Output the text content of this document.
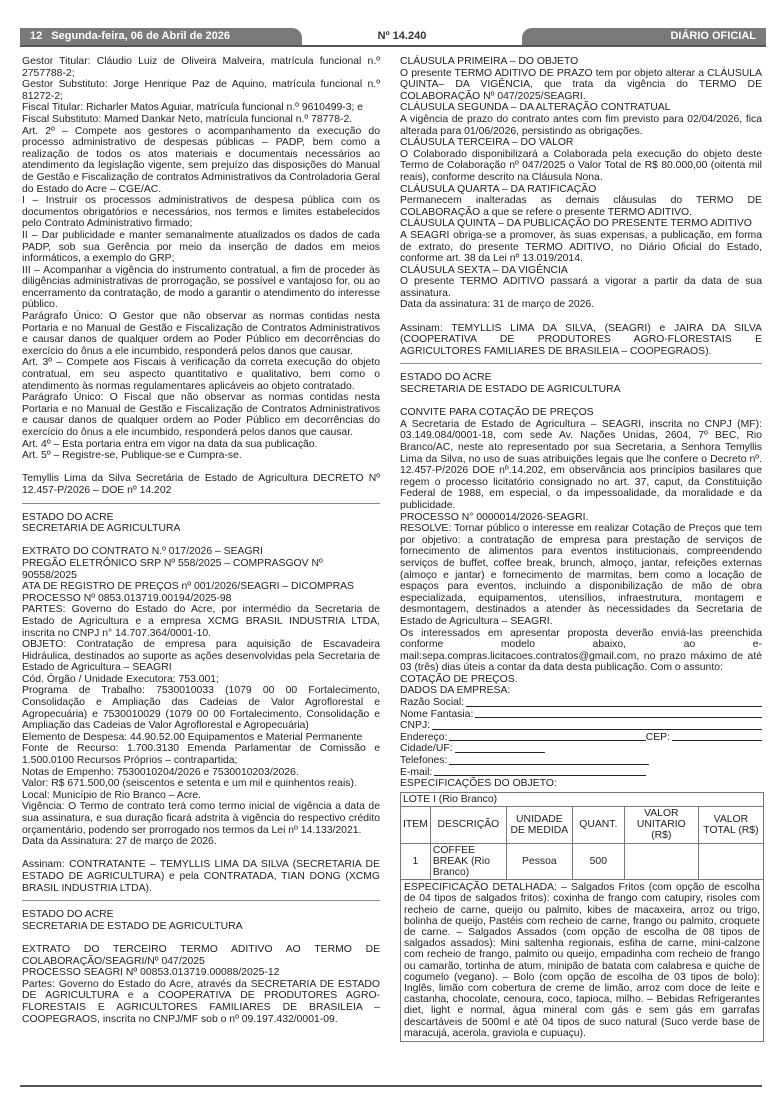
12 Segunda-feira, 06 de Abril de 2026	Nº 14.240	DIÁRIO OFICIAL

Gestor Titular: Cláudio Luiz de Oliveira Malveira, matrícula funcional n.º 2757788-2;

Gestor Substituto: Jorge Henrique Paz de Aquino, matrícula funcional n.º 81272-2;

Fiscal Titular: Richarler Matos Aguiar, matrícula funcional n.º 9610499-3; e

Fiscal Substituto: Mamed Dankar Neto, matrícula funcional n.º 78778-2.

Art. 2º – Compete aos gestores o acompanhamento da execução do processo administrativo de despesas públicas – PADP, bem como a realização de todos os atos materiais e documentais necessários ao atendimento da legislação vigente, sem prejuízo das disposições do Manual de Gestão e Fiscalização de contratos Administrativos da Controladoria Geral do Estado do Acre – CGE/AC.

I – Instruir os processos administrativos de despesa pública com os documentos obrigatórios e necessários, nos termos e limites estabelecidos pelo Contrato Administrativo firmado;

II – Dar publicidade e manter semanalmente atualizados os dados de cada PADP, sob sua Gerência por meio da inserção de dados em meios informáticos, a exemplo do GRP;

III – Acompanhar a vigência do instrumento contratual, a fim de proceder às diligências administrativas de prorrogação, se possível e vantajoso for, ou ao encerramento da contratação, de modo a garantir o atendimento do interesse público.

Parágrafo Único: O Gestor que não observar as normas contidas nesta Portaria e no Manual de Gestão e Fiscalização de Contratos Administrativos e causar danos de qualquer ordem ao Poder Público em decorrências do exercício do ônus a ele incumbido, responderá pelos danos que causar.

Art. 3º – Compete aos Fiscais à verificação da correta execução do objeto contratual, em seu aspecto quantitativo e qualitativo, bem como o atendimento às normas regulamentares aplicáveis ao objeto contratado.

Parágrafo Único: O Fiscal que não observar as normas contidas nesta Portaria e no Manual de Gestão e Fiscalização de Contratos Administrativos e causar danos de qualquer ordem ao Poder Público em decorrências do exercício do ônus a ele incumbido, responderá pelos danos que causar.

Art. 4º – Esta portaria entra em vigor na data da sua publicação.

Art. 5º – Registre-se, Publique-se e Cumpra-se.

Temyllis Lima da Silva Secretária de Estado de Agricultura DECRETO Nº 12.457-P/2026 – DOE nº 14.202

ESTADO DO ACRE

SECRETARIA DE AGRICULTURA

EXTRATO DO CONTRATO N.º 017/2026 – SEAGRI

PREGÃO ELETRÔNICO SRP Nº 558/2025 – COMPRASGOV Nº 90558/2025

ATA DE REGISTRO DE PREÇOS nº 001/2026/SEAGRI – DICOMPRAS

PROCESSO Nº 0853.013719.00194/2025-98

PARTES: Governo do Estado do Acre, por intermédio da Secretaria de Estado de Agricultura e a empresa XCMG BRASIL INDUSTRIA LTDA, inscrita no CNPJ n° 14.707.364/0001-10.

OBJETO: Contratação de empresa para aquisição de Escavadeira Hidráulica, destinados ao suporte as ações desenvolvidas pela Secretaria de Estado de Agricultura – SEAGRI

Cód. Órgão / Unidade Executora: 753.001;

Programa de Trabalho: 7530010033 (1079 00 00 Fortalecimento, Consolidação e Ampliação das Cadeias de Valor Agroflorestal e Agropecuária) e 7530010029 (1079 00 00 Fortalecimento, Consolidação e Ampliação das Cadeias de Valor Agroflorestal e Agropecuária)

Elemento de Despesa: 44.90.52.00 Equipamentos e Material Permanente

Fonte de Recurso: 1.700.3130 Emenda Parlamentar de Comissão e 1.500.0100 Recursos Próprios – contrapartida;

Notas de Empenho: 7530010204/2026 e 7530010203/2026.

Valor: R$ 671.500,00 (seiscentos e setenta e um mil e quinhentos reais).

Local: Município de Rio Branco – Acre.

Vigência: O Termo de contrato terá como termo inicial de vigência a data de sua assinatura, e sua duração ficará adstrita à vigência do respectivo crédito orçamentário, podendo ser prorrogado nos termos da Lei nº 14.133/2021.

Data da Assinatura: 27 de março de 2026.

Assinam: CONTRATANTE – TEMYLLIS LIMA DA SILVA (SECRETARIA DE ESTADO DE AGRICULTURA) e pela CONTRATADA, TIAN DONG (XCMG BRASIL INDUSTRIA LTDA).

ESTADO DO ACRE

SECRETARIA DE ESTADO DE AGRICULTURA

EXTRATO DO TERCEIRO TERMO ADITIVO AO TERMO DE COLABORAÇÃO/SEAGRI/Nº 047/2025

PROCESSO SEAGRI Nº 00853.013719.00088/2025-12

Partes: Governo do Estado do Acre, através da SECRETARIA DE ESTADO DE AGRICULTURA e a COOPERATIVA DE PRODUTORES AGRO-FLORESTAIS E AGRICULTORES FAMILIARES DE BRASILEIA – COOPEGRAOS, inscrita no CNPJ/MF sob o nº 09.197.432/0001-09.

CLÁUSULA PRIMEIRA – DO OBJETO

O presente TERMO ADITIVO DE PRAZO tem por objeto alterar a CLÁUSULA QUINTA– DA VIGÊNCIA, que trata da vigência do TERMO DE COLABORAÇÃO Nº 047/2025/SEAGRI.

CLÁUSULA SEGUNDA – DA ALTERAÇÃO CONTRATUAL

A vigência de prazo do contrato antes com fim previsto para 02/04/2026, fica alterada para 01/06/2026, persistindo as obrigações.

CLÁUSULA TERCEIRA – DO VALOR

O Colaborado disponibilizará a Colaborada pela execução do objeto deste Termo de Colaboração nº 047/2025 o Valor Total de R$ 80.000,00 (oitenta mil reais), conforme descrito na Cláusula Nona.

CLÁUSULA QUARTA – DA RATIFICAÇÃO

Permanecem inalteradas as demais cláusulas do TERMO DE COLABORAÇÃO a que se refere o presente TERMO ADITIVO.

CLÁUSULA QUINTA – DA PUBLICAÇÃO DO PRESENTE TERMO ADITIVO

A SEAGRI obriga-se a promover, às suas expensas, a publicação, em forma de extrato, do presente TERMO ADITIVO, no Diário Oficial do Estado, conforme art. 38 da Lei nº 13.019/2014.

CLÁUSULA SEXTA – DA VIGÊNCIA

O presente TERMO ADITIVO passará a vigorar a partir da data de sua assinatura.

Data da assinatura: 31 de março de 2026.

Assinam: TEMYLLIS LIMA DA SILVA, (SEAGRI) e JAIRA DA SILVA (COOPERATIVA DE PRODUTORES AGRO-FLORESTAIS E AGRICULTORES FAMILIARES DE BRASILEIA – COOPEGRAOS).

ESTADO DO ACRE

SECRETARIA DE ESTADO DE AGRICULTURA

CONVITE PARA COTAÇÃO DE PREÇOS

A Secretaria de Estado de Agricultura – SEAGRI, inscrita no CNPJ (MF): 03.149.084/0001-18, com sede Av. Nações Unidas, 2604, 7º BEC, Rio Branco/AC, neste ato representado por sua Secretaria, a Senhora Temyllis Lima da Silva, no uso de suas atribuições legais que lhe confere o Decreto nº. 12.457-P/2026 DOE nº.14.202, em observância aos princípios basilares que regem o processo licitatório consignado no art. 37, caput, da Constituição Federal de 1988, em especial, o da impessoalidade, da moralidade e da publicidade.

PROCESSO N° 0000014/2026-SEAGRI.

RESOLVE: Tornar público o interesse em realizar Cotação de Preços que tem por objetivo: a contratação de empresa para prestação de serviços de fornecimento de alimentos para eventos institucionais, compreendendo serviços de buffet, coffee break, brunch, almoço, jantar, refeições externas (almoço e jantar) e fornecimento de marmitas, bem como a locação de espaços para eventos, incluindo a disponibilização de mão de obra especializada, equipamentos, utensílios, infraestrutura, montagem e desmontagem, destinados a atender às necessidades da Secretaria de Estado de Agricultura – SEAGRI.

Os interessados em apresentar proposta deverão enviá-las preenchida conforme modelo abaixo, ao e-mail:sepa.compras.licitacoes.contratos@gmail.com, no prazo máximo de até 03 (três) dias úteis a contar da data desta publicação. Com o assunto:

COTAÇÃO DE PREÇOS.

DADOS DA EMPRESA:

Razão Social:
Nome Fantasia:
CNPJ:
Endereço:	CEP:
Cidade/UF:
Telefones:
E-mail:

ESPECIFICAÇÕES DO OBJETO:

LOTE I (Rio Branco)					
ITEM	DESCRIÇÃO	UNIDADE DE MEDIDA	QUANT.	VALOR UNITARIO (R$)	VALOR TOTAL (R$)
1	COFFEE BREAK (Rio Branco)	Pessoa	500		
ESPECIFICAÇÃO DETALHADA: – Salgados Fritos (com opção de escolha de 04 tipos de salgados fritos): coxinha de frango com catupiry, risoles com recheio de carne, queijo ou palmito, kibes de macaxeira, arroz ou trigo, bolinha de queijo, Pastéis com recheio de carne, frango ou palmito, croquete de carne. – Salgados Assados (com opção de escolha de 08 tipos de salgados assados): Mini saltenha regionais, esfiha de carne, mini-calzone com recheio de frango, palmito ou queijo, empadinha com recheio de frango ou camarão, tortinha de atum, minipão de batata com calabresa e quiche de cogumelo (vegano). – Bolo (com opção de escolha de 03 tipos de bolo): Inglês, limão com cobertura de creme de limão, arroz com doce de leite e castanha, chocolate, cenoura, coco, tapioca, milho. – Bebidas Refrigerantes diet, light e normal, água mineral com gás e sem gás em garrafas descartáveis de 500ml e até 04 tipos de suco natural (Suco verde base de maracujá, acerola, graviola e cupuaçu).					
